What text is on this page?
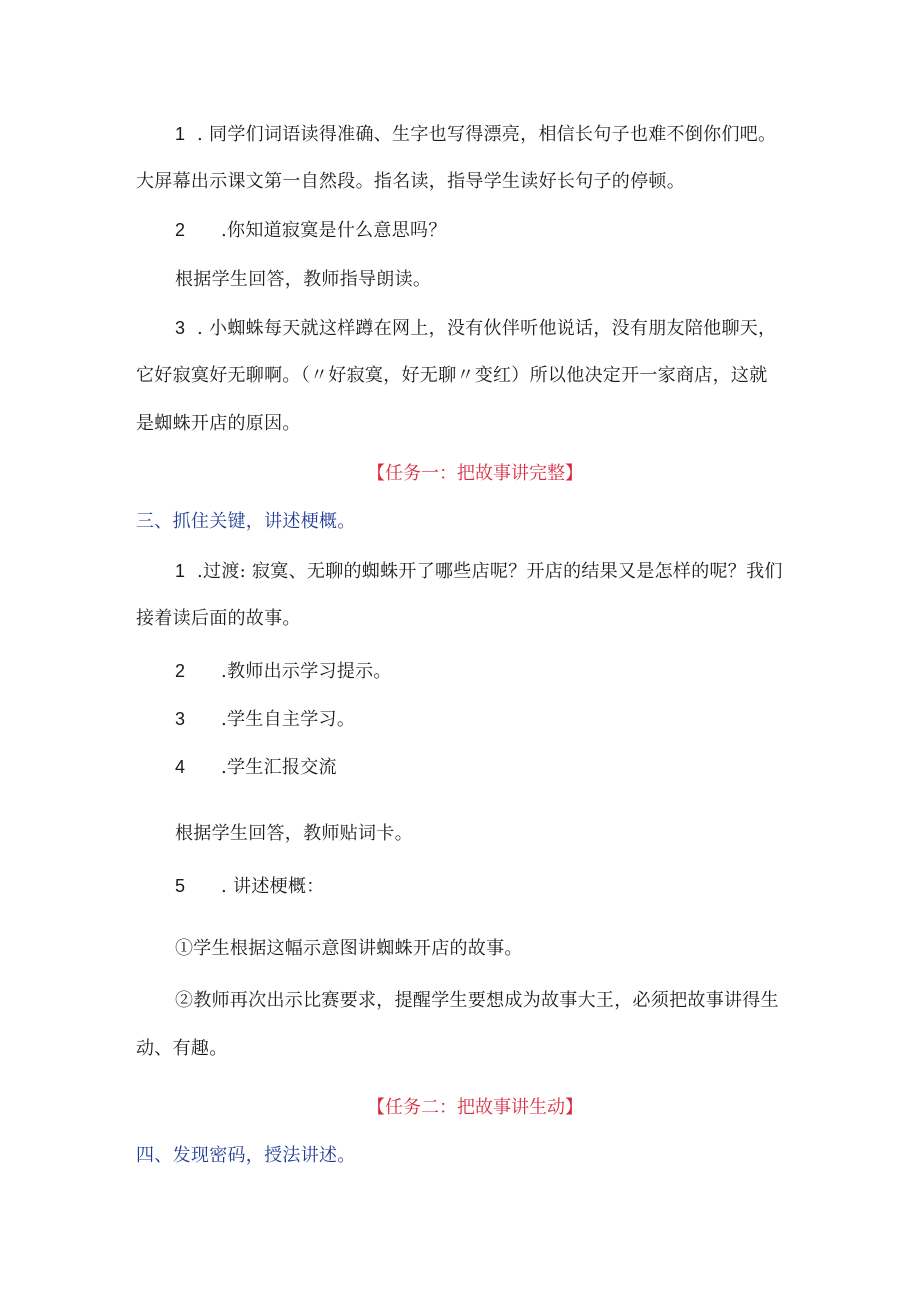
1 . 同学们词语读得准确、生字也写得漂亮，相信长句子也难不倒你们吧。
大屏幕出示课文第一自然段。指名读，指导学生读好长句子的停顿。
2 .你知道寂寞是什么意思吗？
根据学生回答，教师指导朗读。
3 . 小蜘蛛每天就这样蹲在网上，没有伙伴听他说话，没有朋友陪他聊天，
它好寂寞好无聊啊。（〃好寂寞，好无聊〃变红）所以他决定开一家商店，这就
是蜘蛛开店的原因。
【任务一：把故事讲完整】
三、抓住关键，讲述梗概。
1 .过渡: 寂寞、无聊的蜘蛛开了哪些店呢？开店的结果又是怎样的呢？我们
接着读后面的故事。
2 .教师出示学习提示。
3 .学生自主学习。
4 .学生汇报交流
根据学生回答，教师贴词卡。
5 . 讲述梗概：
①学生根据这幅示意图讲蜘蛛开店的故事。
②教师再次出示比赛要求，提醒学生要想成为故事大王，必须把故事讲得生
动、有趣。
【任务二：把故事讲生动】
四、发现密码，授法讲述。
